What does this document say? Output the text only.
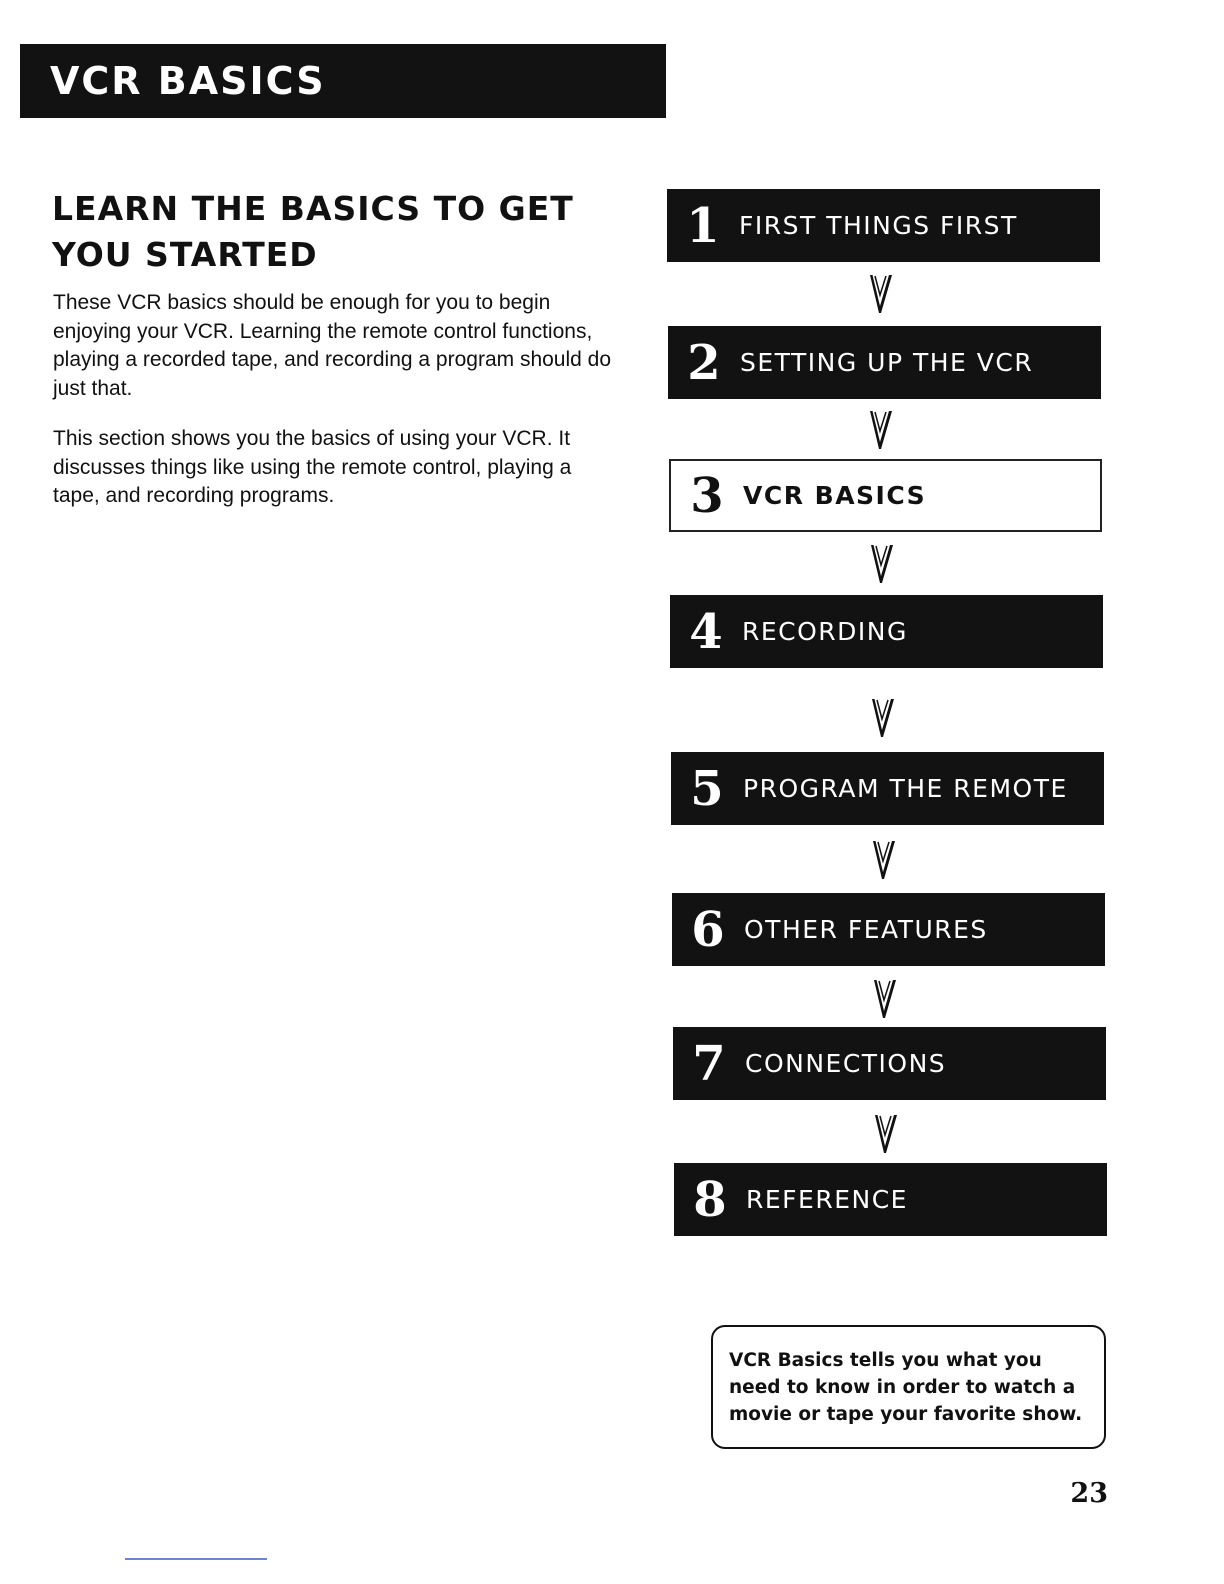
VCR BASICS
LEARN THE BASICS TO GET YOU STARTED

These VCR basics should be enough for you to begin enjoying your VCR. Learning the remote control functions, playing a recorded tape, and recording a program should do just that.

This section shows you the basics of using your VCR. It discusses things like using the remote control, playing a tape, and recording programs.

1 FIRST THINGS FIRST
2 SETTING UP THE VCR
3 VCR BASICS
4 RECORDING
5 PROGRAM THE REMOTE
6 OTHER FEATURES
7 CONNECTIONS
8 REFERENCE
VCR Basics tells you what you need to know in order to watch a movie or tape your favorite show.
23
